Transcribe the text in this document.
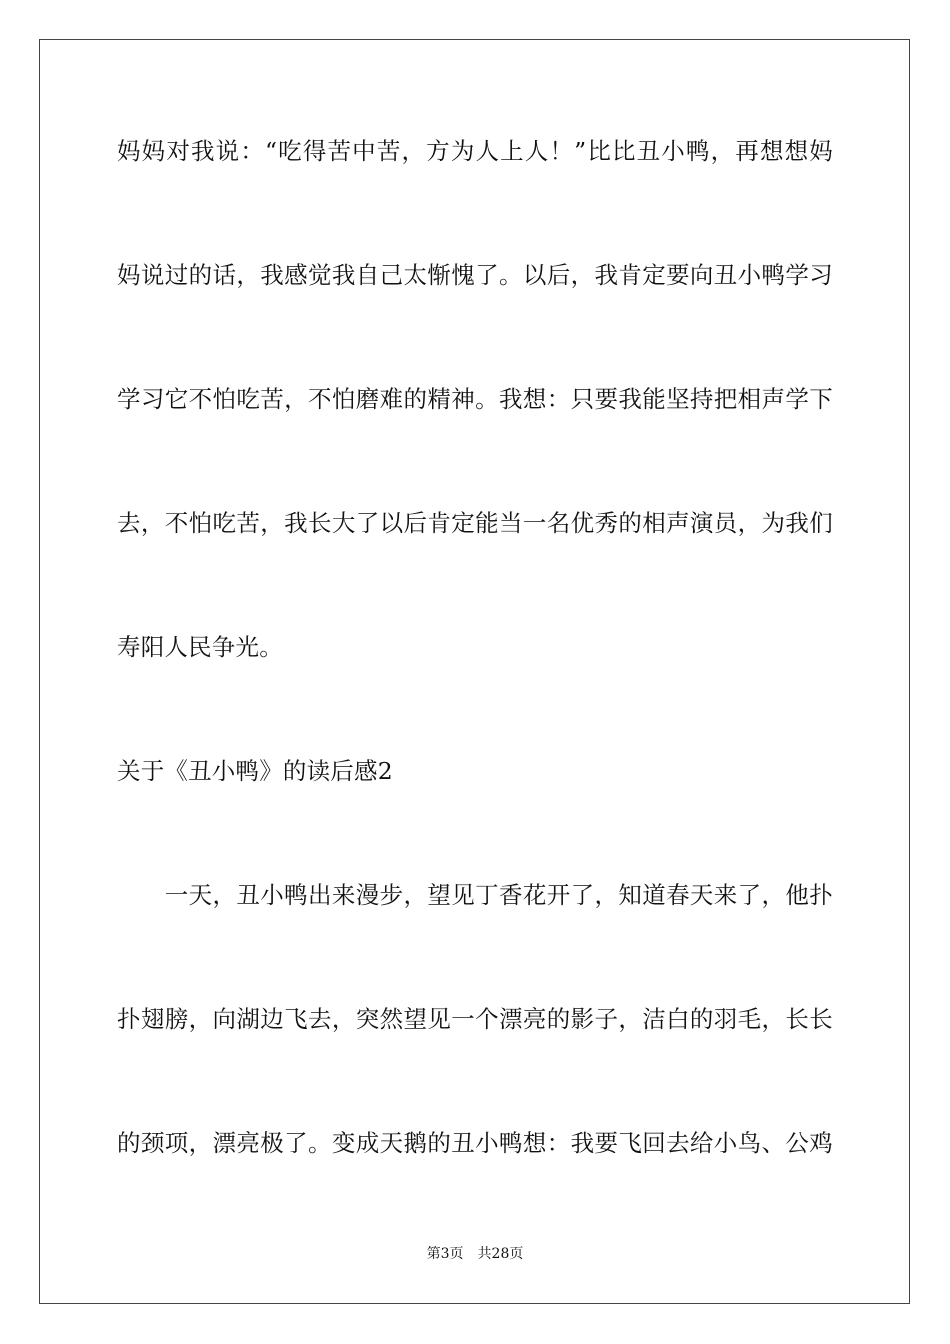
妈妈对我说：“吃得苦中苦，方为人上人！”比比丑小鸭，再想想妈
妈说过的话，我感觉我自己太惭愧了。以后，我肯定要向丑小鸭学习
学习它不怕吃苦，不怕磨难的精神。我想：只要我能坚持把相声学下
去，不怕吃苦，我长大了以后肯定能当一名优秀的相声演员，为我们
寿阳人民争光。
关于《丑小鸭》的读后感2
　　一天，丑小鸭出来漫步，望见丁香花开了，知道春天来了，他扑
扑翅膀，向湖边飞去，突然望见一个漂亮的影子，洁白的羽毛，长长
的颈项，漂亮极了。变成天鹅的丑小鸭想：我要飞回去给小鸟、公鸡
第3页　共28页
